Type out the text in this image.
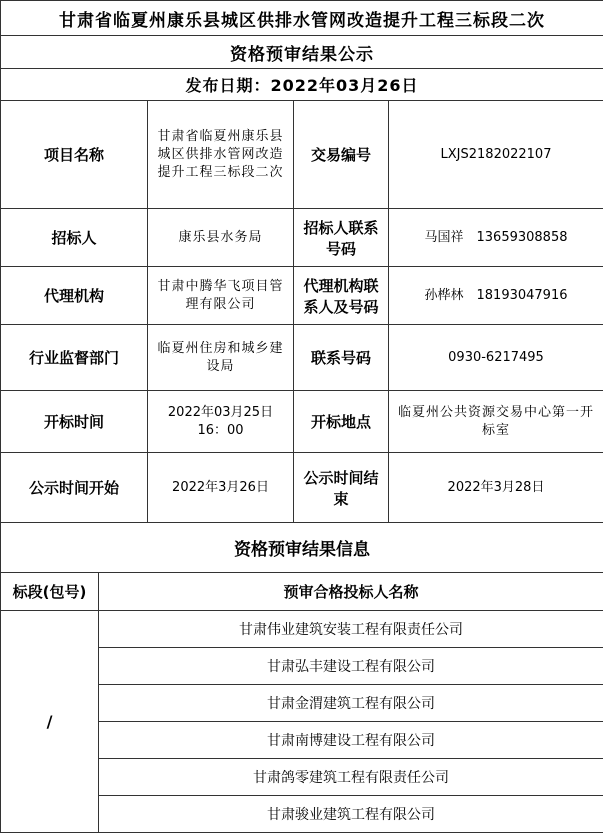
甘肃省临夏州康乐县城区供排水管网改造提升工程三标段二次
资格预审结果公示
发布日期：2022年03月26日
项目名称	甘肃省临夏州康乐县城区供排水管网改造提升工程三标段二次	交易编号	LXJS2182022107
招标人	康乐县水务局	招标人联系号码	马国祥　13659308858
代理机构	甘肃中腾华飞项目管理有限公司	代理机构联系人及号码	孙桦林　18193047916
行业监督部门	临夏州住房和城乡建设局	联系号码	0930-6217495
开标时间	2022年03月25日　16：00	开标地点	临夏州公共资源交易中心第一开标室
公示时间开始	2022年3月26日	公示时间结束	2022年3月28日
资格预审结果信息	
标段(包号)	预审合格投标人名称
/	甘肃伟业建筑安装工程有限责任公司
	甘肃弘丰建设工程有限公司
	甘肃金渭建筑工程有限公司
	甘肃南博建设工程有限公司
	甘肃鸽零建筑工程有限责任公司
	甘肃骏业建筑工程有限公司
